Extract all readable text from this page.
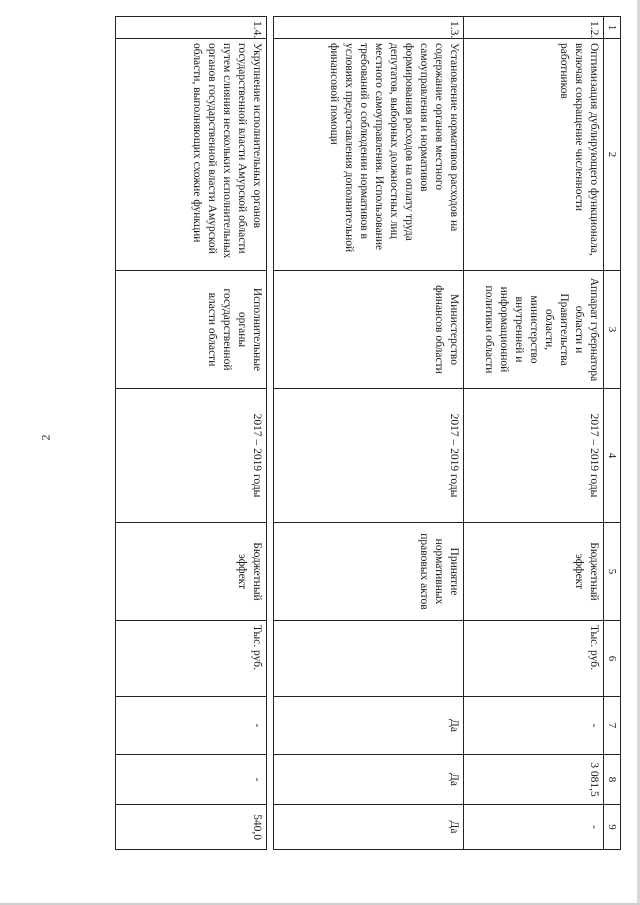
2
1	2	3	4	5	6	7	8	9
1.2.	Оптимизация дублирующего функционала, включая сокращение численности работников	Аппарат губернатора области и Правительства области, министерство внутренней и информационной политики области	2017 – 2019 годы	Бюджетный эффект	Тыс. руб.	-	3 081,5	-
1.3.	Установление нормативов расходов на содержание органов местного самоуправления и нормативов формирования расходов на оплату труда депутатов, выборных должностных лиц местного самоуправления. Использование требований о соблюдении нормативов в условиях предоставления дополнительной финансовой помощи	Министерство финансов области	2017 – 2019 годы	Принятие нормативных правовых актов		Да	Да	Да

1.4.	Укрупнение исполнительных органов государственной власти Амурской области путем слияния нескольких исполнительных органов государственной власти Амурской области, выполняющих схожие функции	Исполнительные органы государственной власти области	2017 – 2019 годы	Бюджетный эффект	Тыс. руб.	-	-	540,0
